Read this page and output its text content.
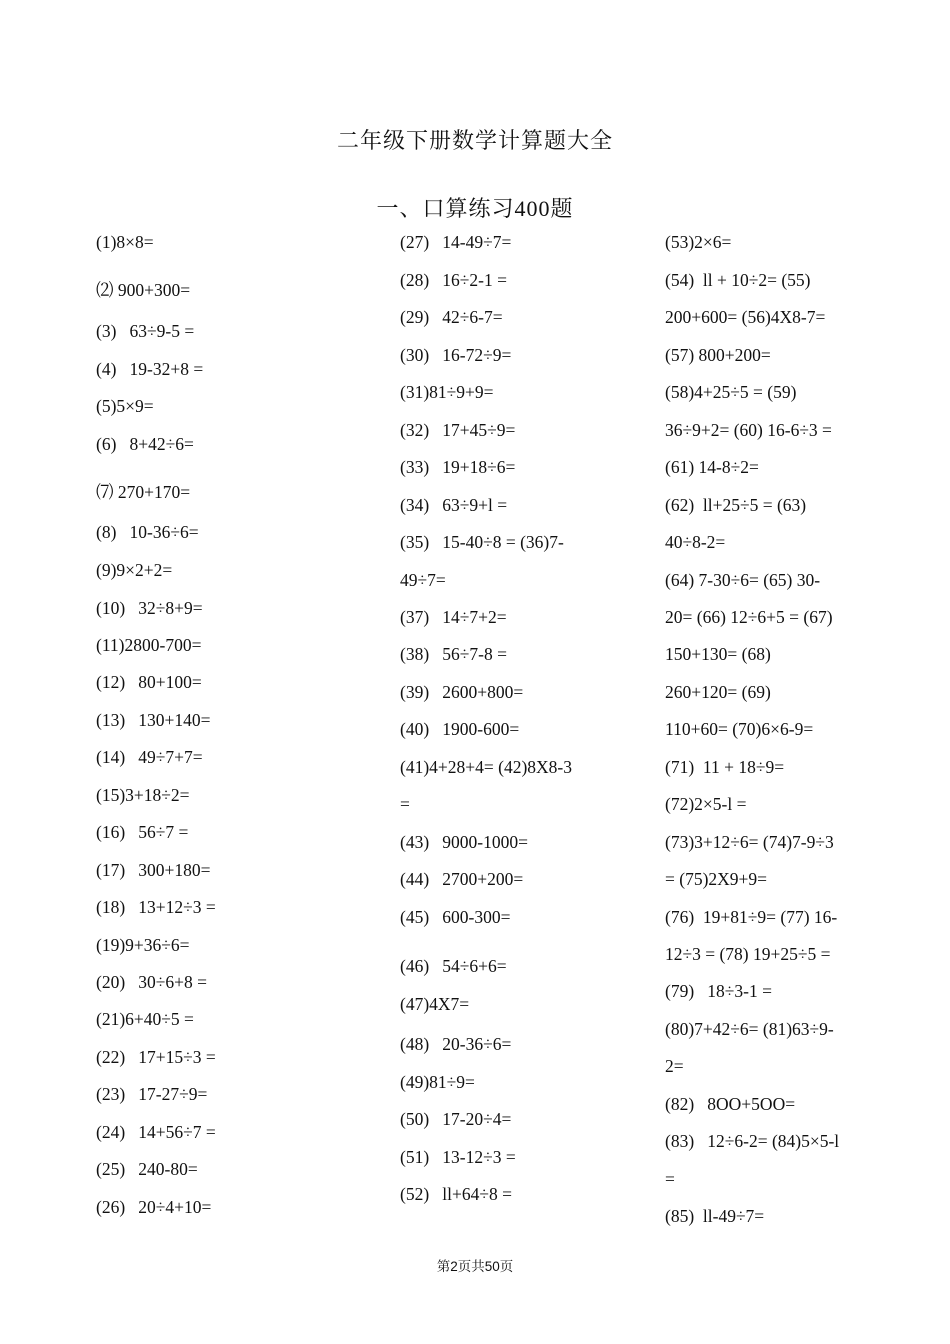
二年级下册数学计算题大全
一、口算练习400题
(1)8×8=
⑵ 900+300=
(3)   63÷9-5 =
(4)   19-32+8 =
(5)5×9=
(6)   8+42÷6=
⑺ 270+170=
(8)   10-36÷6=
(9)9×2+2=
(10)   32÷8+9=
(11)2800-700=
(12)   80+100=
(13)   130+140=
(14)   49÷7+7=
(15)3+18÷2=
(16)   56÷7 =
(17)   300+180=
(18)   13+12÷3 =
(19)9+36÷6=
(20)   30÷6+8 =
(21)6+40÷5 =
(22)   17+15÷3 =
(23)   17-27÷9=
(24)   14+56÷7 =
(25)   240-80=
(26)   20÷4+10=
(27)   14-49÷7=
(28)   16÷2-1 =
(29)   42÷6-7=
(30)   16-72÷9=
(31)81÷9+9=
(32)   17+45÷9=
(33)   19+18÷6=
(34)   63÷9+l =
(35)   15-40÷8 = (36)7-
49÷7=
(37)   14÷7+2=
(38)   56÷7-8 =
(39)   2600+800=
(40)   1900-600=
(41)4+28+4= (42)8X8-3
=
(43)   9000-1000=
(44)   2700+200=
(45)   600-300=
(46)   54÷6+6=
(47)4X7=
(48)   20-36÷6=
(49)81÷9=
(50)   17-20÷4=
(51)   13-12÷3 =
(52)   ll+64÷8 =
(53)2×6=
(54)  ll + 10÷2= (55)
200+600= (56)4X8-7=
(57) 800+200=
(58)4+25÷5 = (59)
36÷9+2= (60) 16-6÷3 =
(61) 14-8÷2=
(62)  ll+25÷5 = (63)
40÷8-2=
(64) 7-30÷6= (65) 30-
20= (66) 12÷6+5 = (67)
150+130= (68)
260+120= (69)
110+60= (70)6×6-9=
(71)  11 + 18÷9=
(72)2×5-l =
(73)3+12÷6= (74)7-9÷3
= (75)2X9+9=
(76)  19+81÷9= (77) 16-
12÷3 = (78) 19+25÷5 =
(79)   18÷3-1 =
(80)7+42÷6= (81)63÷9-
2=
(82)   8OO+5OO=
(83)   12÷6-2= (84)5×5-l
=
(85)  ll-49÷7=
第2页共50页
